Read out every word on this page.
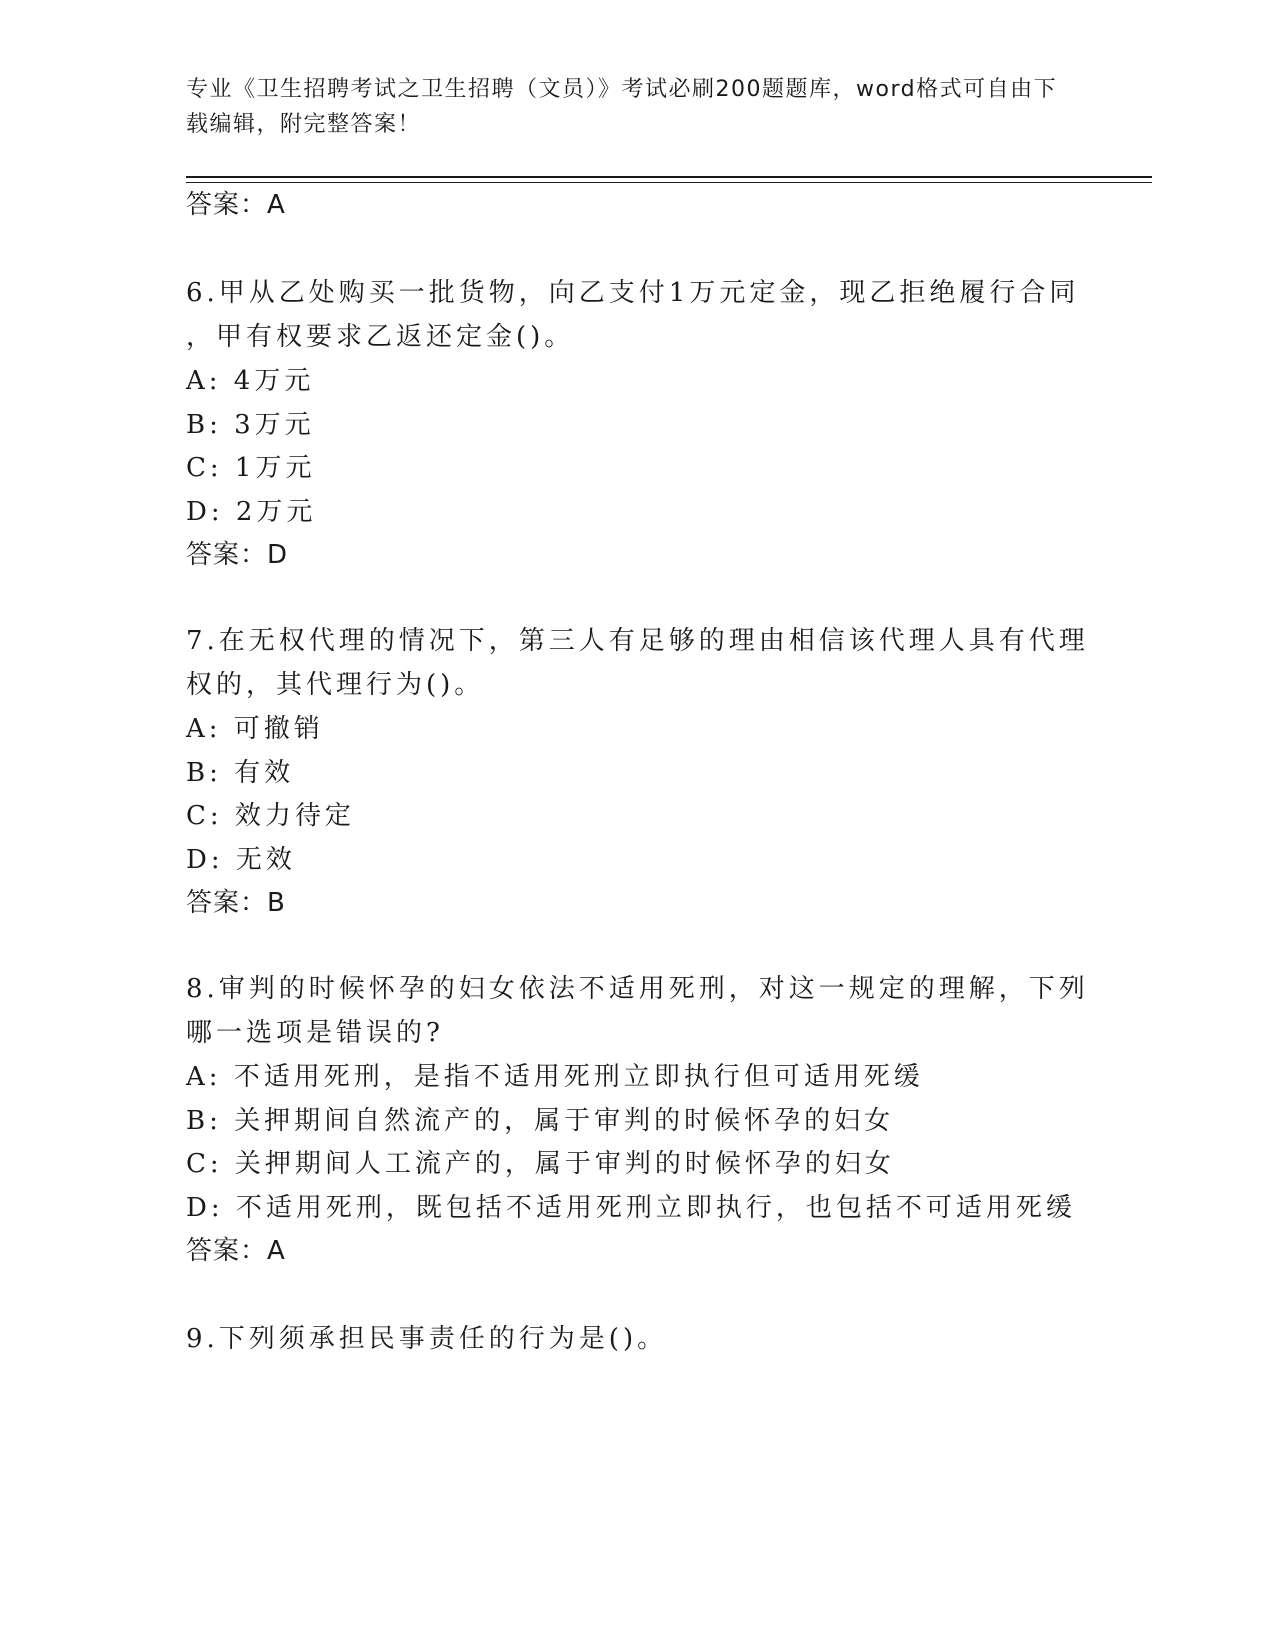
专业《卫生招聘考试之卫生招聘（文员）》考试必刷200题题库，word格式可自由下载编辑，附完整答案！
答案：A
6.甲从乙处购买一批货物，向乙支付1万元定金，现乙拒绝履行合同
，甲有权要求乙返还定金()。
A: 4万元
B: 3万元
C: 1万元
D: 2万元
答案：D
7.在无权代理的情况下，第三人有足够的理由相信该代理人具有代理
权的，其代理行为()。
A: 可撤销
B: 有效
C: 效力待定
D: 无效
答案：B
8.审判的时候怀孕的妇女依法不适用死刑，对这一规定的理解，下列
哪一选项是错误的?
A: 不适用死刑，是指不适用死刑立即执行但可适用死缓
B: 关押期间自然流产的，属于审判的时候怀孕的妇女
C: 关押期间人工流产的，属于审判的时候怀孕的妇女
D: 不适用死刑，既包括不适用死刑立即执行，也包括不可适用死缓
答案：A
9.下列须承担民事责任的行为是()。
